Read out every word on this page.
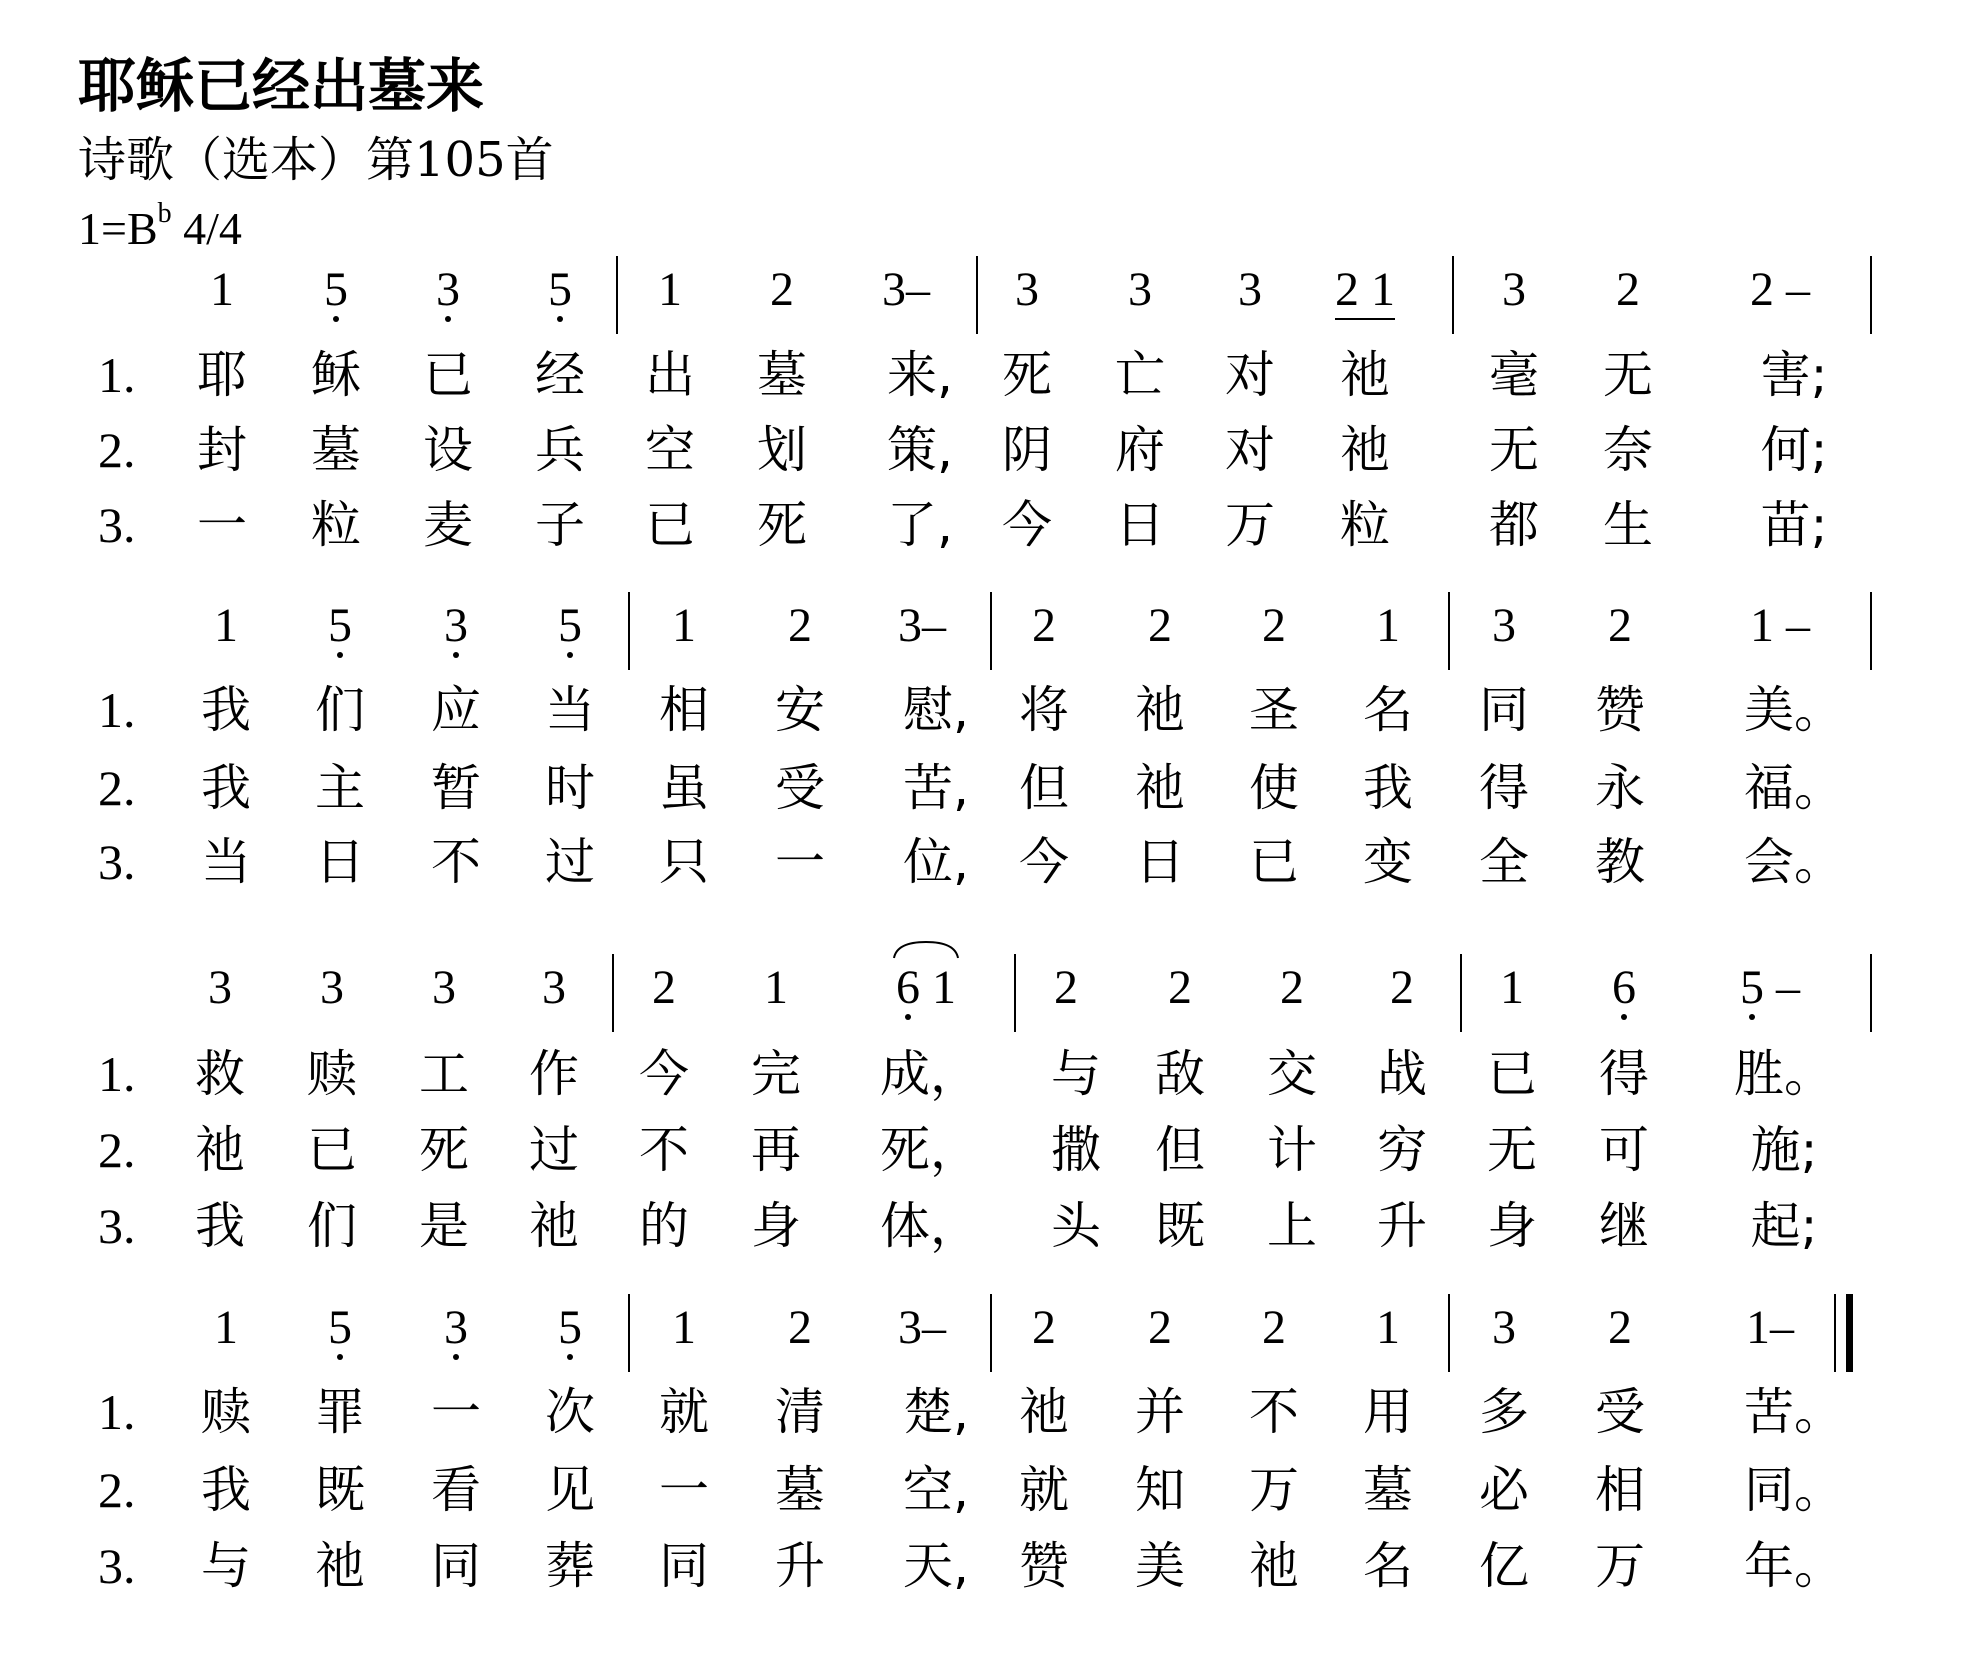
耶稣已经出墓来
诗歌（选本）第105首
$1=B^b$ 4/4
1 5 3 5 1 2 3– 3 3 3 2 1 3 2 2 –
1. 耶 稣 已 经 出 墓 来, 死 亡 对 祂 毫 无 害;
2. 封 墓 设 兵 空 划 策, 阴 府 对 祂 无 奈 何;
3. 一 粒 麦 子 已 死 了, 今 日 万 粒 都 生 苗;
1 5 3 5 1 2 3– 2 2 2 1 3 2 1 –
1. 我 们 应 当 相 安 慰, 将 祂 圣 名 同 赞 美。
2. 我 主 暂 时 虽 受 苦, 但 祂 使 我 得 永 福。
3. 当 日 不 过 只 一 位, 今 日 已 变 全 教 会。
3 3 3 3 2 1 6 1 2 2 2 2 1 6 5 –
1. 救 赎 工 作 今 完 成， 与 敌 交 战 已 得 胜。
2. 祂 已 死 过 不 再 死， 撒 但 计 穷 无 可 施;
3. 我 们 是 祂 的 身 体， 头 既 上 升 身 继 起;
1 5 3 5 1 2 3– 2 2 2 1 3 2 1–
1. 赎 罪 一 次 就 清 楚, 祂 并 不 用 多 受 苦。
2. 我 既 看 见 一 墓 空, 就 知 万 墓 必 相 同。
3. 与 祂 同 葬 同 升 天, 赞 美 祂 名 亿 万 年。
